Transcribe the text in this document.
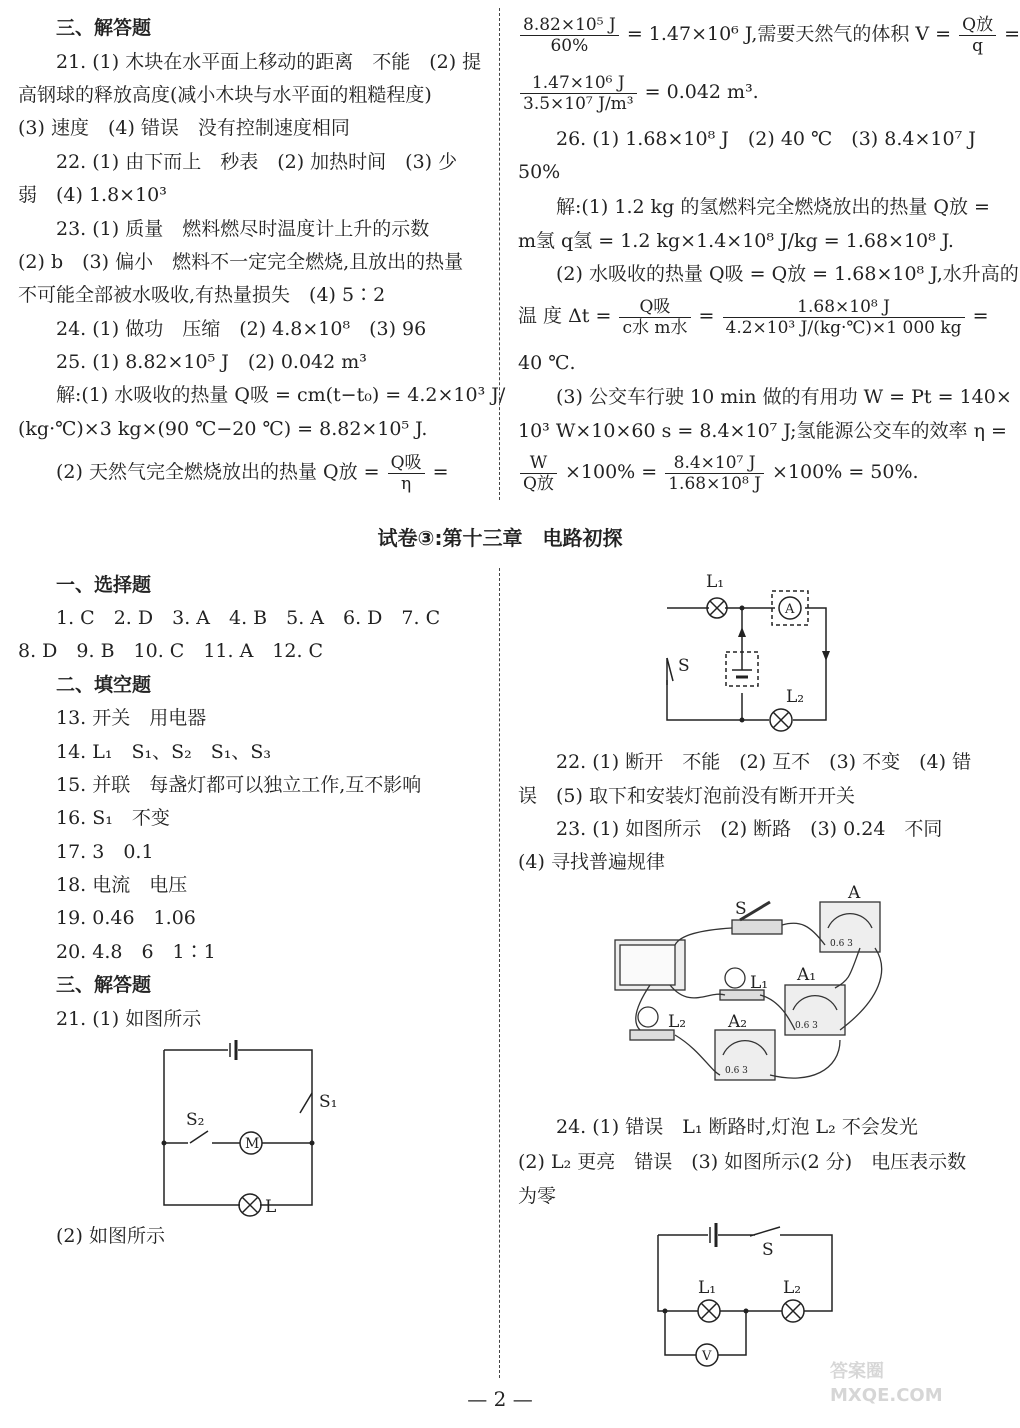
三、解答题
21. (1) 木块在水平面上移动的距离　不能　(2) 提
高钢球的释放高度(减小木块与水平面的粗糙程度)
(3) 速度　(4) 错误　没有控制速度相同
22. (1) 由下而上　秒表　(2) 加热时间　(3) 少
弱　(4) 1.8×10³
23. (1) 质量　燃料燃尽时温度计上升的示数
(2) b　(3) 偏小　燃料不一定完全燃烧,且放出的热量
不可能全部被水吸收,有热量损失　(4) 5∶2
24. (1) 做功　压缩　(2) 4.8×10⁸　(3) 96
25. (1) 8.82×10⁵ J　(2) 0.042 m³
解:(1) 水吸收的热量 Q吸 = cm(t−t₀) = 4.2×10³ J/
(kg·℃)×3 kg×(90 ℃−20 ℃) = 8.82×10⁵ J.
(2) 天然气完全燃烧放出的热量 Q放 = $\frac{\text{Q吸}}{\eta}$ =
$\frac{\text{8.82×10⁵ J}}{60\%} = 1.47\times 10^6$ J,需要天然气的体积 $V = \frac{\text{Q放}}{q}$ =
$\frac{\text{1.47×10⁶ J}}{\text{3.5×10⁷ J/m³}} = 0.042$ m³.
26. (1) 1.68×10⁸ J　(2) 40 ℃　(3) 8.4×10⁷ J
50%
解:(1) 1.2 kg 的氢燃料完全燃烧放出的热量 Q放 =
m氢 q氢 = 1.2 kg×1.4×10⁸ J/kg = 1.68×10⁸ J.
(2) 水吸收的热量 Q吸 = Q放 = 1.68×10⁸ J,水升高的
温 度 $\Delta t = \frac{\text{Q吸}}{\text{c水 m水}} = \frac{\text{1.68×10⁸ J}}{\text{4.2×10³ J/(kg·℃)×1 000 kg}}$ =
40 ℃.
(3) 公交车行驶 10 min 做的有用功 W = Pt = 140×
10³ W×10×60 s = 8.4×10⁷ J;氢能源公交车的效率 η =
$\frac{W}{\text{Q放}} \times 100\% = \frac{\text{8.4×10⁷ J}}{\text{1.68×10⁸ J}} \times 100\% = 50\%$.
试卷③:第十三章　电路初探
一、选择题
1. C　2. D　3. A　4. B　5. A　6. D　7. C
8. D　9. B　10. C　11. A　12. C
二、填空题
13. 开关　用电器
14. L₁　S₁、S₂　S₁、S₃
15. 并联　每盏灯都可以独立工作,互不影响
16. S₁　不变
17. 3　0.1
18. 电流　电压
19. 0.46　1.06
20. 4.8　6　1∶1
三、解答题
21. (1) 如图所示
S₁
S₂
M
L
(2) 如图所示
L₁
L₂
S
A
22. (1) 断开　不能　(2) 互不　(3) 不变　(4) 错
误　(5) 取下和安装灯泡前没有断开开关
23. (1) 如图所示　(2) 断路　(3) 0.24　不同
(4) 寻找普遍规律
S
A
A₁
A₂
L₁
L₂
0.6 3
0.6 3
0.6 3
24. (1) 错误　L₁ 断路时,灯泡 L₂ 不会发光
(2) L₂ 更亮　错误　(3) 如图所示(2 分)　电压表示数
为零
S
L₁	L₂
V
— 2 —
答案圈 MXQE.COM
